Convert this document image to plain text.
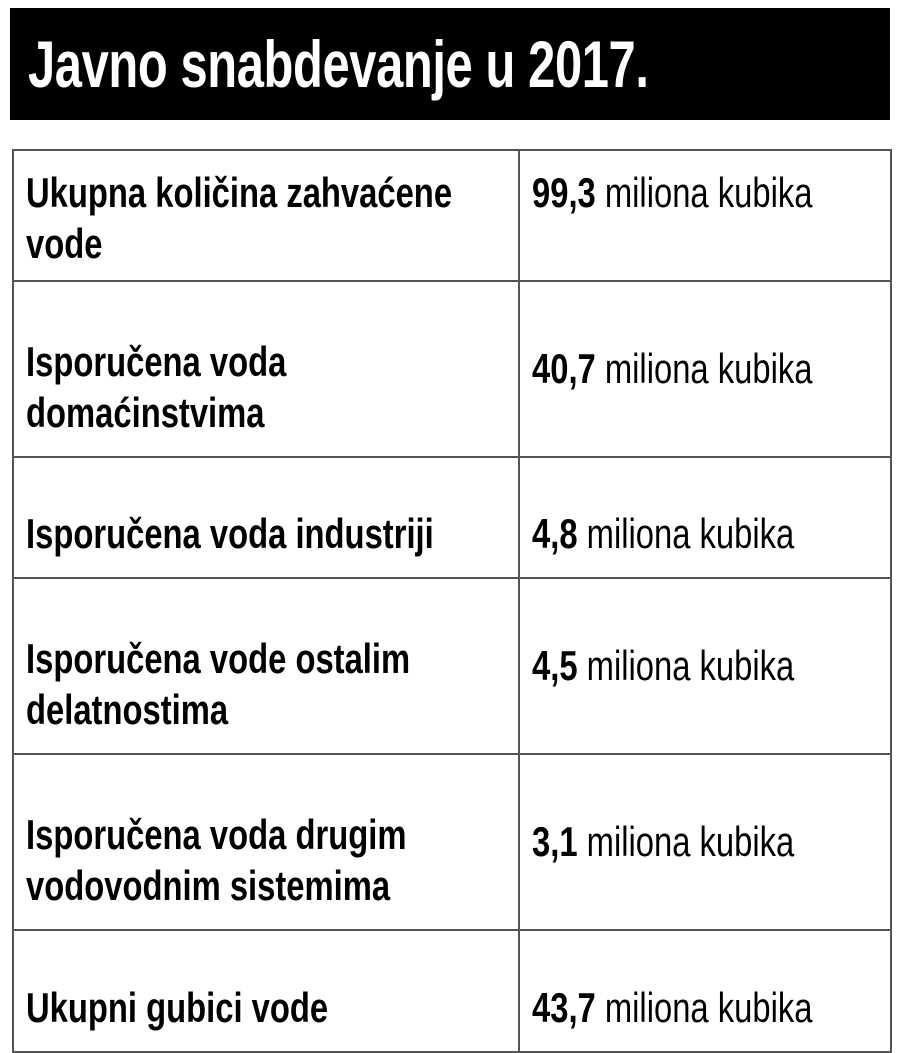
Javno snabdevanje u 2017.
Ukupna količina zahvaćene vode	99,3 miliona kubika
Isporučena voda domaćinstvima	40,7 miliona kubika
Isporučena voda industriji	4,8 miliona kubika
Isporučena vode ostalim delatnostima	4,5 miliona kubika
Isporučena voda drugim vodovodnim sistemima	3,1 miliona kubika
Ukupni gubici vode	43,7 miliona kubika
